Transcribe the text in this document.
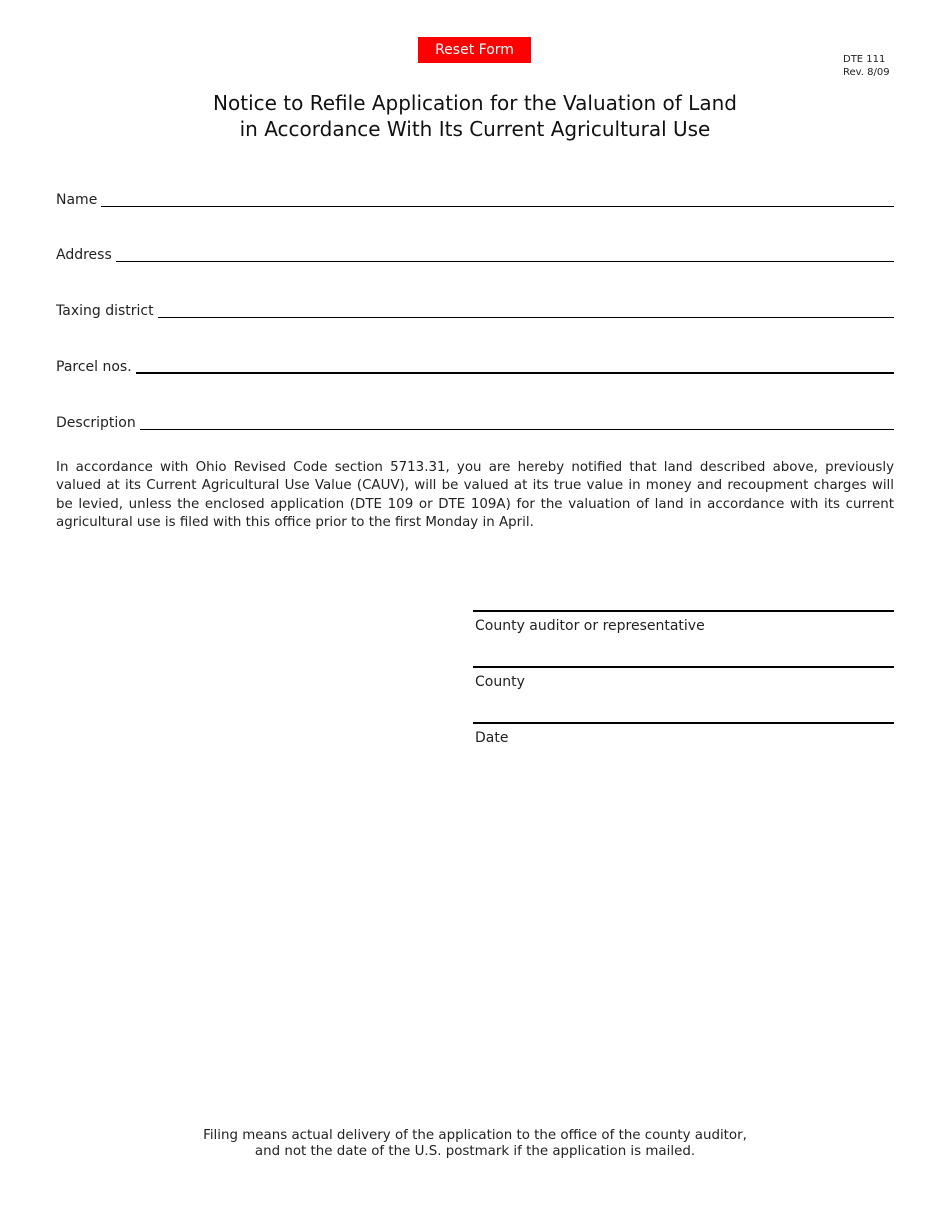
Reset Form
DTE 111
Rev. 8/09
Notice to Refile Application for the Valuation of Land
in Accordance With Its Current Agricultural Use
Name
Address
Taxing district
Parcel nos.
Description
In accordance with Ohio Revised Code section 5713.31, you are hereby notified that land described above, previously valued at its Current Agricultural Use Value (CAUV), will be valued at its true value in money and recoupment charges will be levied, unless the enclosed application (DTE 109 or DTE 109A) for the valuation of land in accordance with its current agricultural use is filed with this office prior to the first Monday in April.
County auditor or representative
County
Date
Filing means actual delivery of the application to the office of the county auditor,
and not the date of the U.S. postmark if the application is mailed.
